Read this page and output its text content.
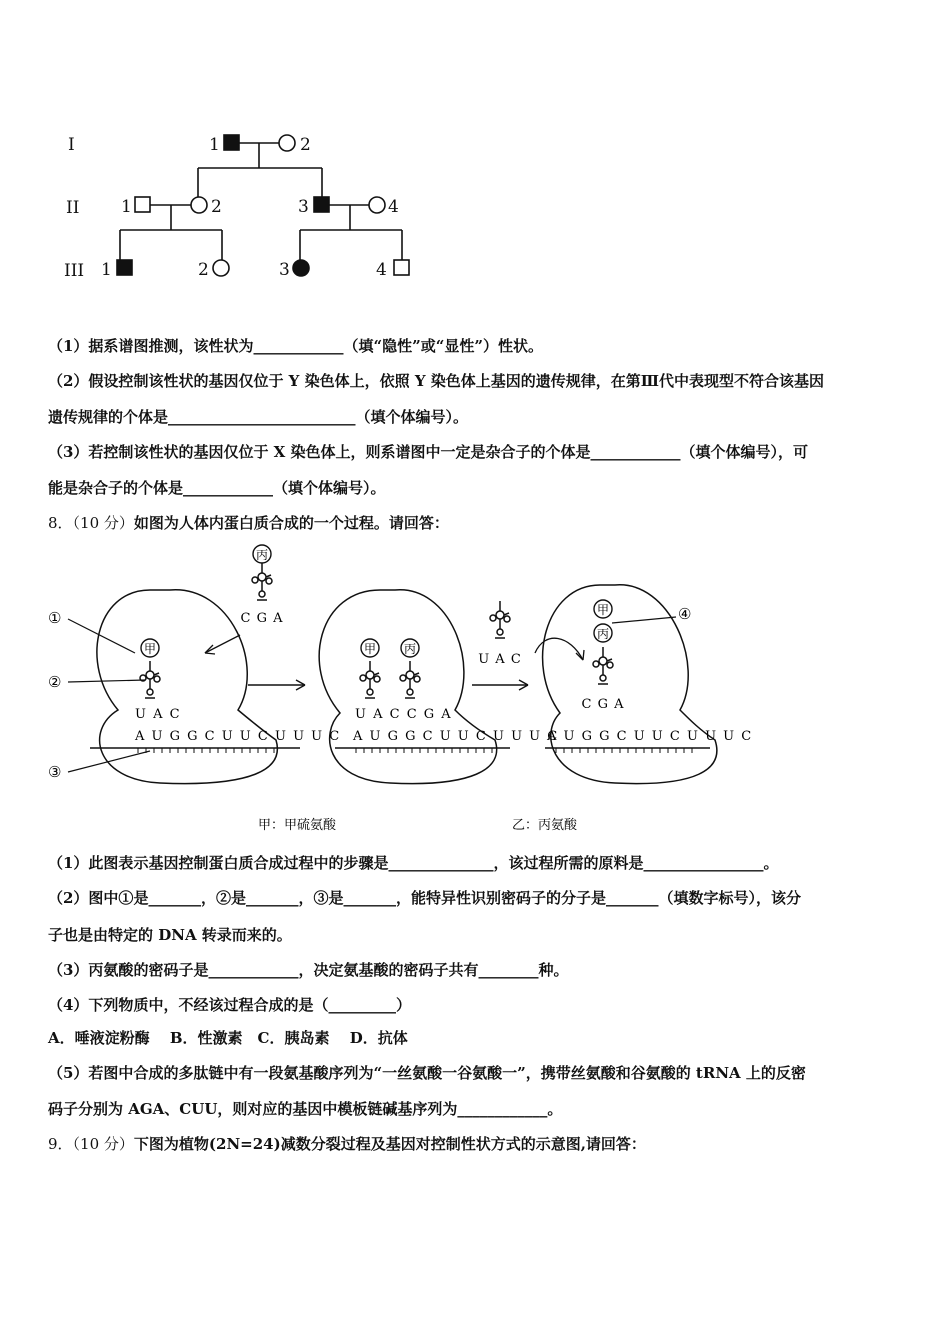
I
II
III
1	2
1	2	3	4
1	2	3	4
（1）据系谱图推测，该性状为____________（填“隐性”或“显性”）性状。
（2）假设控制该性状的基因仅位于 Y 染色体上，依照 Y 染色体上基因的遗传规律，在第Ⅲ代中表现型不符合该基因
遗传规律的个体是_________________________（填个体编号）。
（3）若控制该性状的基因仅位于 X 染色体上，则系谱图中一定是杂合子的个体是____________（填个体编号），可
能是杂合子的个体是____________（填个体编号）。
8．（10 分）如图为人体内蛋白质合成的一个过程。请回答：
丙
C G A
A U G G C U U C U U U C
U A C
甲
①
②
③
A U G G C U U C U U U C
U A C C G A
甲 丙
U A C
A U G G C U U C U U U C
C G A
甲
丙
④
甲：甲硫氨酸	乙：丙氨酸
（1）此图表示基因控制蛋白质合成过程中的步骤是______________，该过程所需的原料是________________。
（2）图中①是_______，②是_______，③是_______，能特异性识别密码子的分子是_______（填数字标号），该分
子也是由特定的 DNA 转录而来的。
（3）丙氨酸的密码子是____________，决定氨基酸的密码子共有________种。
（4）下列物质中，不经该过程合成的是（_________）
A．唾液淀粉酶　 B．性激素　C．胰岛素　 D．抗体
（5）若图中合成的多肽链中有一段氨基酸序列为“一丝氨酸一谷氨酸一”，携带丝氨酸和谷氨酸的 tRNA 上的反密
码子分别为 AGA、CUU，则对应的基因中模板链碱基序列为____________。
9．（10 分）下图为植物(2N=24)减数分裂过程及基因对控制性状方式的示意图,请回答：
